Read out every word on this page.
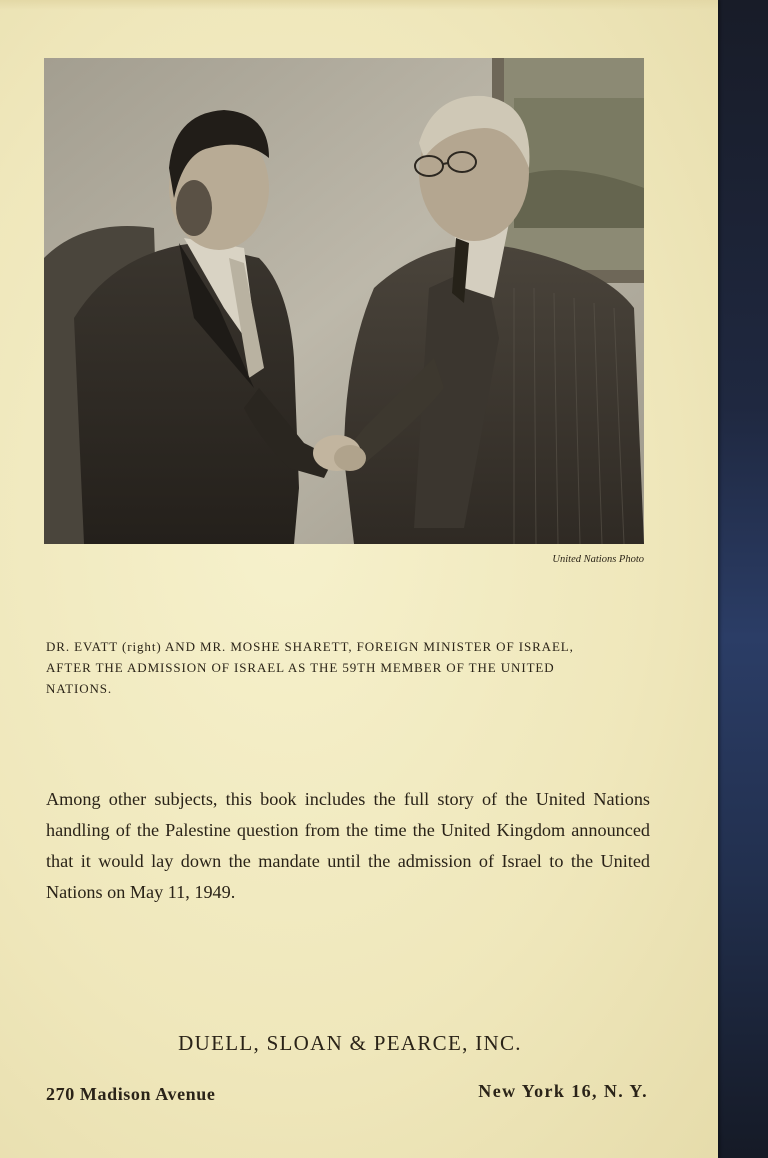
United Nations Photo
DR. EVATT (right) AND MR. MOSHE SHARETT, FOREIGN MINISTER OF ISRAEL,
AFTER THE ADMISSION OF ISRAEL AS THE 59TH MEMBER OF THE UNITED
NATIONS.
Among other subjects, this book includes the full story of the United Nations handling of the Palestine question from the time the United Kingdom announced that it would lay down the mandate until the admission of Israel to the United Nations on May 11, 1949.
DUELL, SLOAN & PEARCE, INC.
270 Madison Avenue	New York 16, N. Y.
